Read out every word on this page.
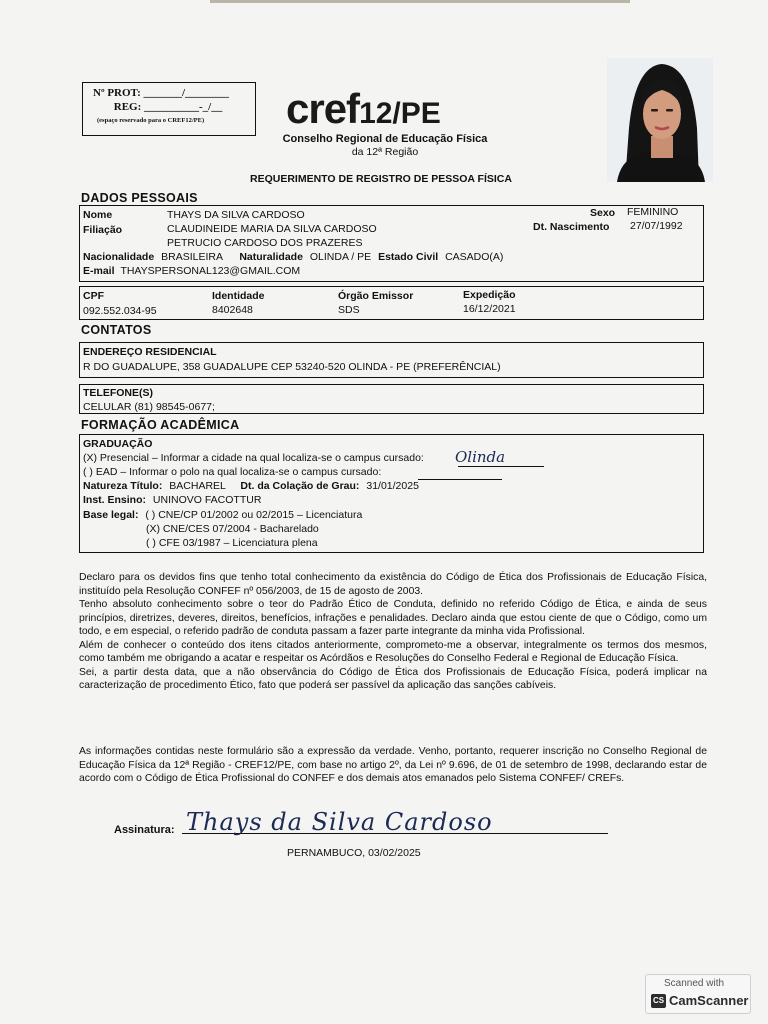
Nº PROT: _______/________
REG: __________-_/__
(espaço reservado para o CREF12/PE) cref12/PE
Conselho Regional de Educação Física
da 12ª Região
REQUERIMENTO DE REGISTRO DE PESSOA FÍSICA
DADOS PESSOAIS
Nome	THAYS DA SILVA CARDOSO	Sexo FEMININO
Filiação	CLAUDINEIDE MARIA DA SILVA CARDOSO
PETRUCIO CARDOSO DOS PRAZERES
Dt. Nascimento 27/07/1992
Nacionalidade BRASILEIRA Naturalidade OLINDA / PE Estado Civil CASADO(A)
E-mail THAYSPERSONAL123@GMAIL.COM
CPF
092.552.034-95
Identidade
8402648
Órgão Emissor
SDS
Expedição
16/12/2021
CONTATOS
ENDEREÇO RESIDENCIAL
R DO GUADALUPE, 358 GUADALUPE CEP 53240-520 OLINDA - PE (PREFERÊNCIAL)
TELEFONE(S)
CELULAR (81) 98545-0677;
FORMAÇÃO ACADÊMICA
GRADUAÇÃO
(X) Presencial – Informar a cidade na qual localiza-se o campus cursado: Olinda
( ) EAD – Informar o polo na qual localiza-se o campus cursado:
Natureza Título: BACHAREL Dt. da Colação de Grau: 31/01/2025
Inst. Ensino: UNINOVO FACOTTUR
Base legal: ( ) CNE/CP 01/2002 ou 02/2015 – Licenciatura
(X) CNE/CES 07/2004 - Bacharelado
( ) CFE 03/1987 – Licenciatura plena

Declaro para os devidos fins que tenho total conhecimento da existência do Código de Ética dos Profissionais de Educação Física, instituído pela Resolução CONFEF nº 056/2003, de 15 de agosto de 2003.

Tenho absoluto conhecimento sobre o teor do Padrão Ético de Conduta, definido no referido Código de Ética, e ainda de seus princípios, diretrizes, deveres, direitos, benefícios, infrações e penalidades. Declaro ainda que estou ciente de que o Código, como um todo, e em especial, o referido padrão de conduta passam a fazer parte integrante da minha vida Profissional.

Além de conhecer o conteúdo dos itens citados anteriormente, comprometo-me a observar, integralmente os termos dos mesmos, como também me obrigando a acatar e respeitar os Acórdãos e Resoluções do Conselho Federal e Regional de Educação Física.

Sei, a partir desta data, que a não observância do Código de Ética dos Profissionais de Educação Física, poderá implicar na caracterização de procedimento Ético, fato que poderá ser passível da aplicação das sanções cabíveis.

As informações contidas neste formulário são a expressão da verdade. Venho, portanto, requerer inscrição no Conselho Regional de Educação Física da 12ª Região - CREF12/PE, com base no artigo 2º, da Lei nº 9.696, de 01 de setembro de 1998, declarando estar de acordo com o Código de Ética Profissional do CONFEF e dos demais atos emanados pelo Sistema CONFEF/ CREFs.

Assinatura: Thays da Silva Cardoso
PERNAMBUCO, 03/02/2025
Scanned with
CS CamScanner
